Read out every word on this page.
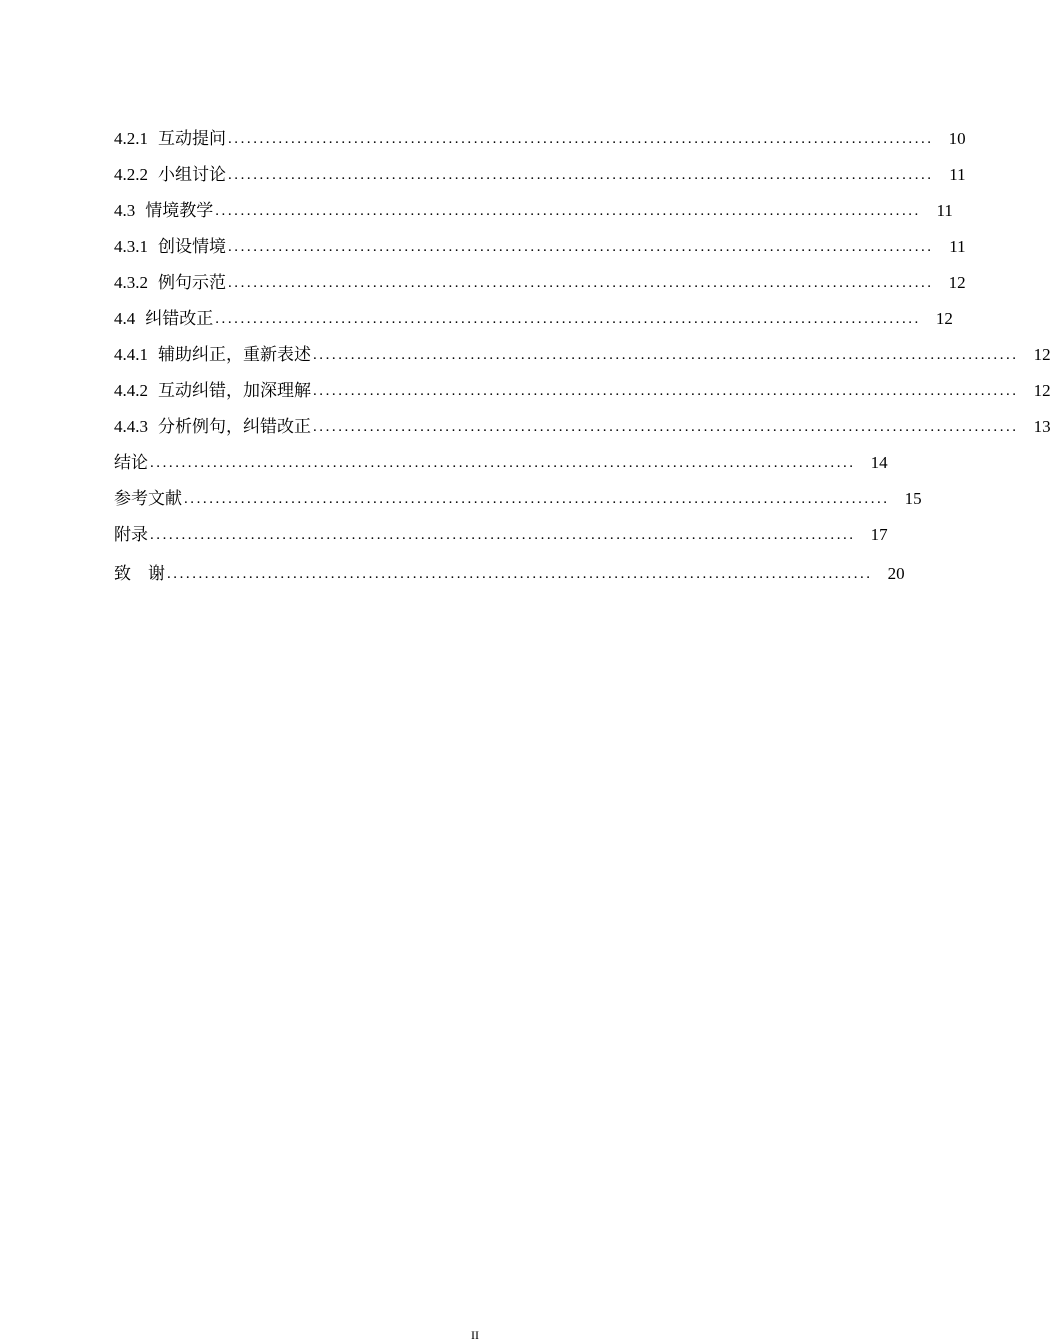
4.2.1 互动提问 ................................................................................................................ 10
4.2.2 小组讨论 ................................................................................................................ 11
4.3 情境教学 ................................................................................................................ 11
4.3.1 创设情境 ................................................................................................................ 11
4.3.2 例句示范 ................................................................................................................ 12
4.4 纠错改正 ................................................................................................................ 12
4.4.1 辅助纠正，重新表述 ................................................................................................................ 12
4.4.2 互动纠错，加深理解 ................................................................................................................ 12
4.4.3 分析例句，纠错改正 ................................................................................................................ 13
结论 ................................................................................................................ 14
参考文献 ................................................................................................................ 15
附录 ................................................................................................................ 17
致　谢 ................................................................................................................ 20
II
